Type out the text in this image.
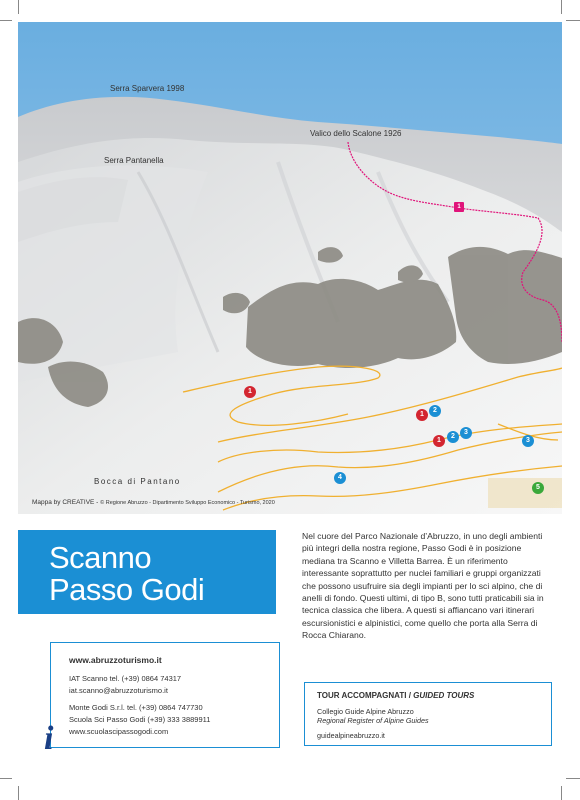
Serra Sparvera 1998
Serra Pantanella
Valico dello Scalone 1926
Bocca di Pantano
1
1
1
2
1
2
3
3
4
5
Mappa by CREATIVE - © Regione Abruzzo - Dipartimento Sviluppo Economico - Turismo, 2020
Scanno
Passo Godi
Nel cuore del Parco Nazionale d’Abruzzo, in uno degli ambienti più integri della nostra regione, Passo Godi è in posizione mediana tra Scanno e Villetta Barrea. È un riferimento interessante soprattutto per nuclei familiari e gruppi organizzati che possono usufruire sia degli impianti per lo sci alpino, che di anelli di fondo. Questi ultimi, di tipo B, sono tutti praticabili sia in tecnica classica che libera. A questi si affiancano vari itinerari escursionistici e alpinistici, come quello che porta alla Serra di Rocca Chiarano.
www.abruzzoturismo.it
IAT Scanno tel. (+39) 0864 74317
iat.scanno@abruzzoturismo.it
Monte Godi S.r.l. tel. (+39) 0864 747730
Scuola Sci Passo Godi (+39) 333 3889911
www.scuolascipassogodi.com
i
TOUR ACCOMPAGNATI / GUIDED TOURS
Collegio Guide Alpine Abruzzo
Regional Register of Alpine Guides
guidealpineabruzzo.it
